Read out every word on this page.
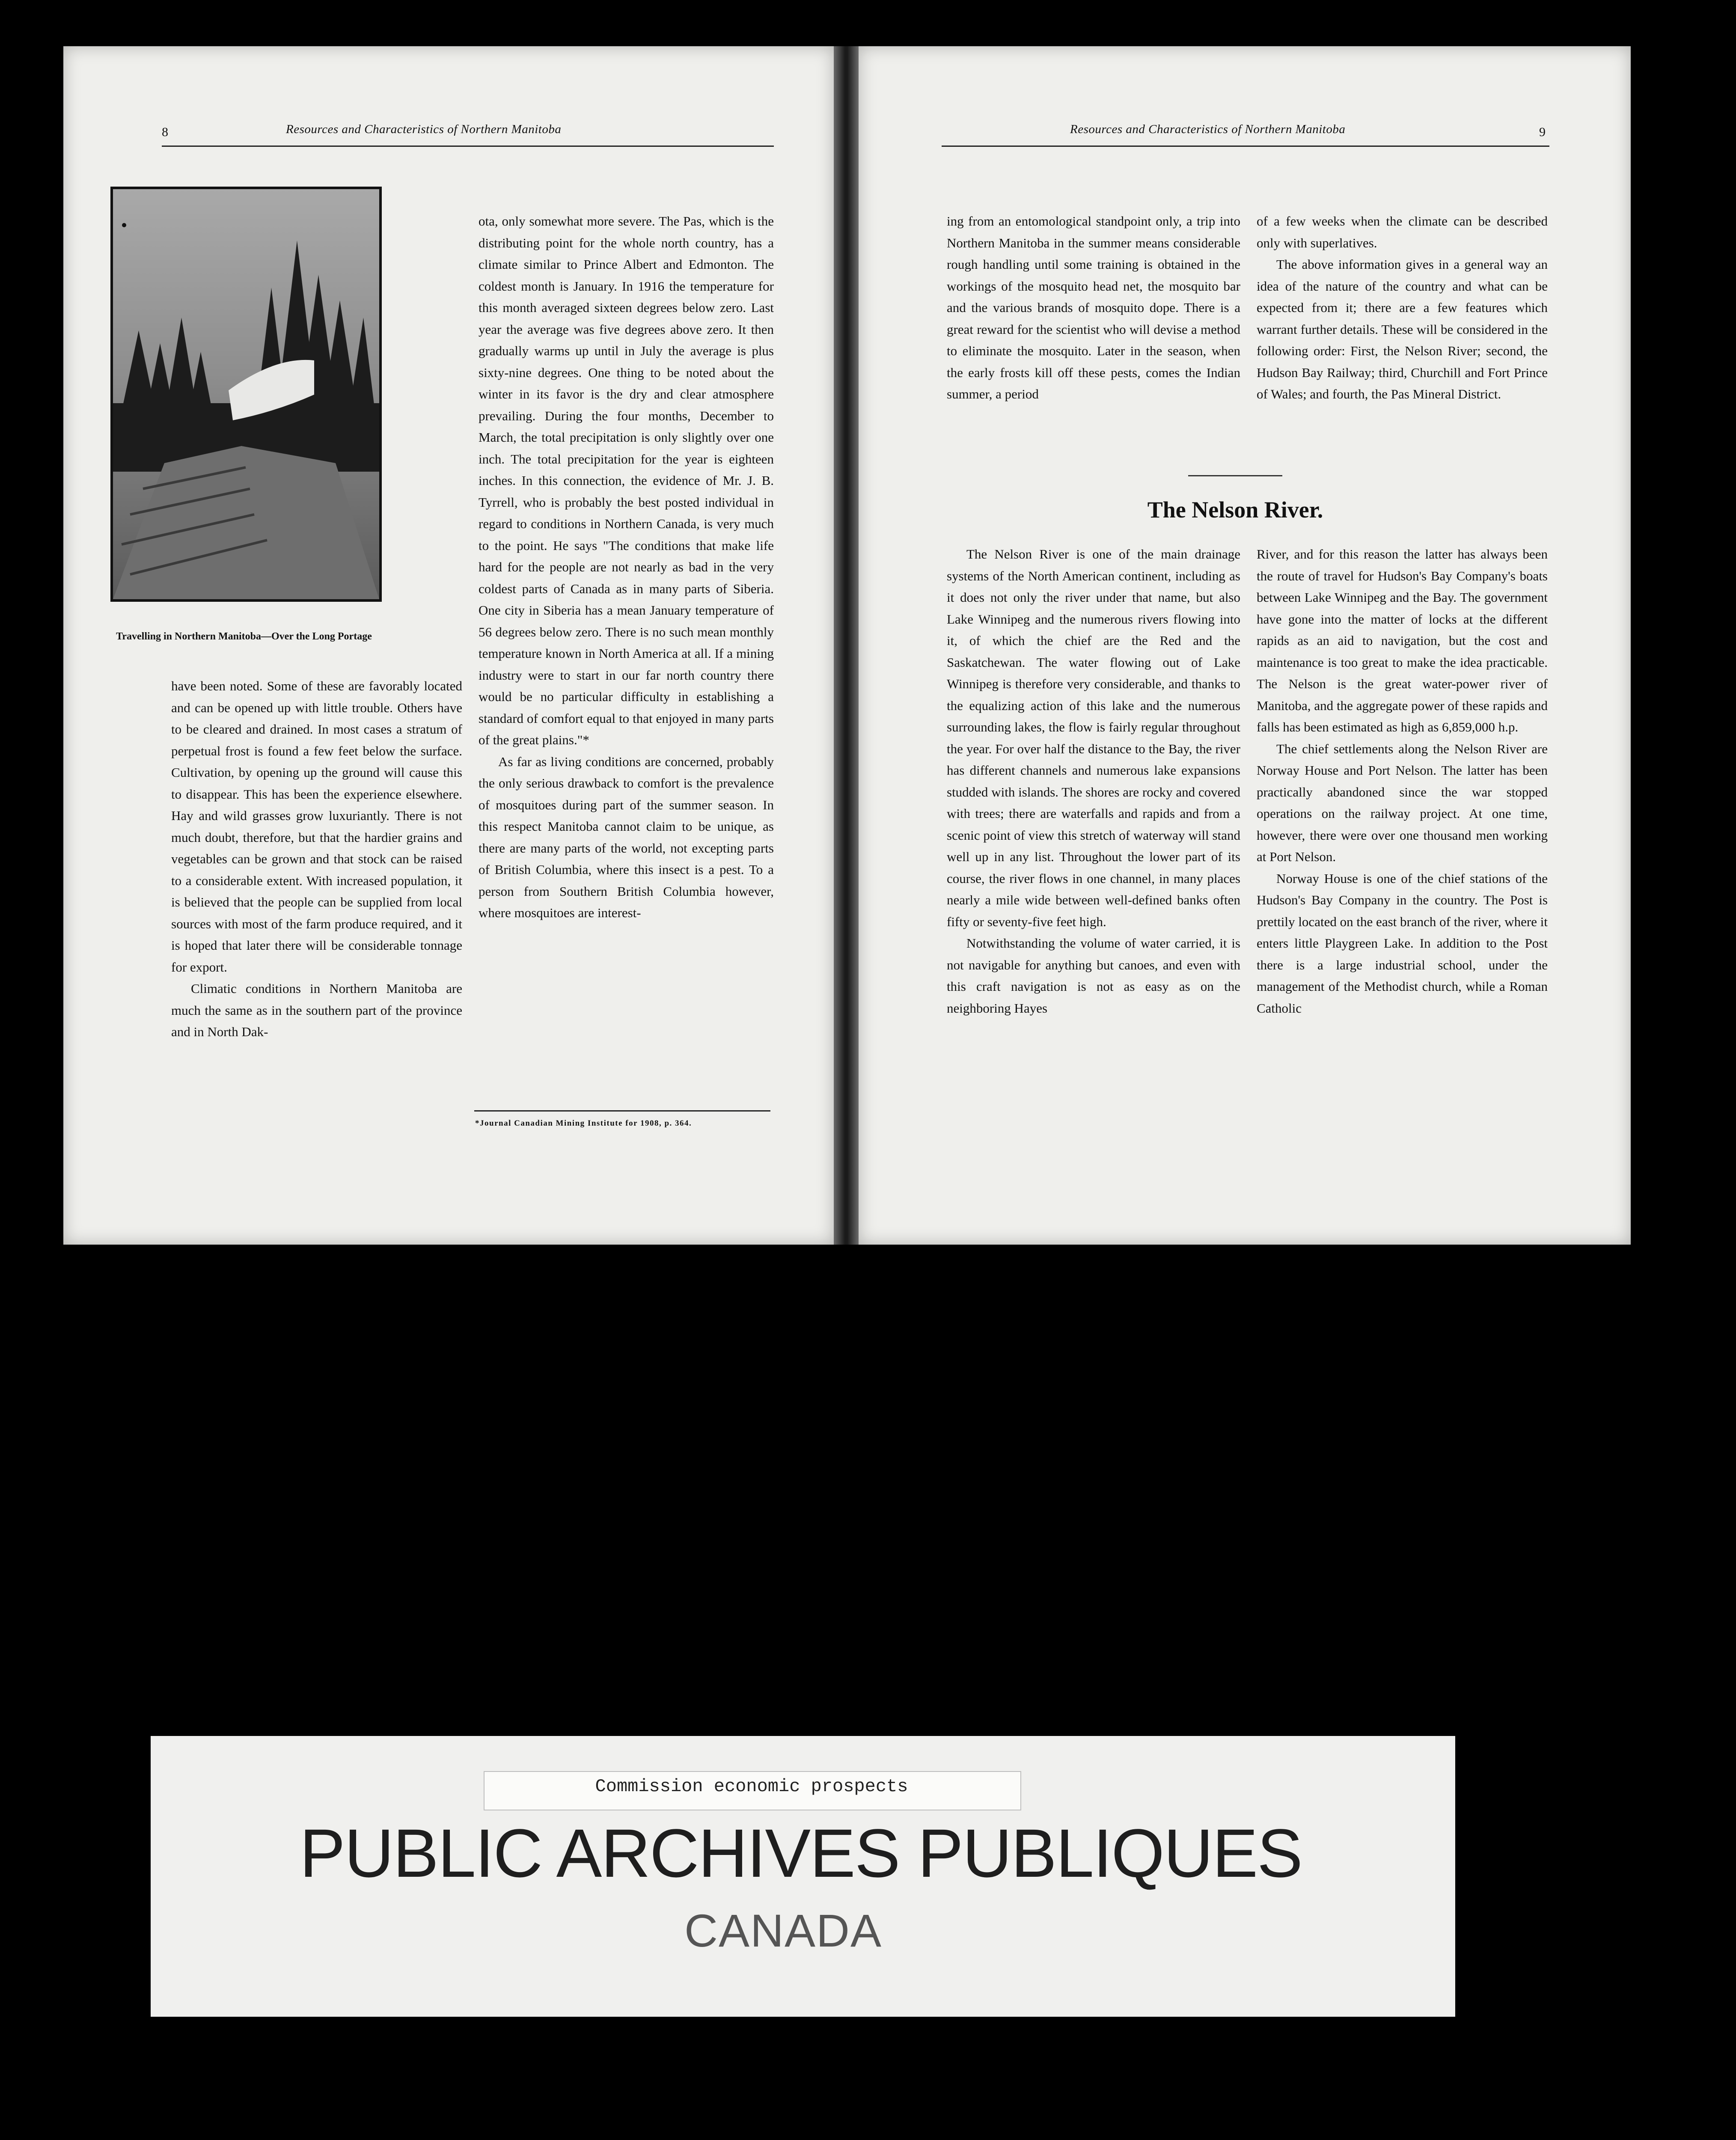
8	Resources and Characteristics of Northern Manitoba
Travelling in Northern Manitoba—Over the Long Portage

have been noted. Some of these are favorably located and can be opened up with little trouble. Others have to be cleared and drained. In most cases a stratum of perpetual frost is found a few feet below the surface. Cultivation, by opening up the ground will cause this to disappear. This has been the experience elsewhere. Hay and wild grasses grow luxuriantly. There is not much doubt, therefore, but that the hardier grains and vegetables can be grown and that stock can be raised to a considerable extent. With increased population, it is believed that the people can be supplied from local sources with most of the farm produce required, and it is hoped that later there will be considerable tonnage for export.

Climatic conditions in Northern Manitoba are much the same as in the southern part of the province and in North Dak-

ota, only somewhat more severe. The Pas, which is the distributing point for the whole north country, has a climate similar to Prince Albert and Edmonton. The coldest month is January. In 1916 the temperature for this month averaged sixteen degrees below zero. Last year the average was five degrees above zero. It then gradually warms up until in July the average is plus sixty-nine degrees. One thing to be noted about the winter in its favor is the dry and clear atmosphere prevailing. During the four months, December to March, the total precipitation is only slightly over one inch. The total precipitation for the year is eighteen inches. In this connection, the evidence of Mr. J. B. Tyrrell, who is probably the best posted individual in regard to conditions in Northern Canada, is very much to the point. He says "The conditions that make life hard for the people are not nearly as bad in the very coldest parts of Canada as in many parts of Siberia. One city in Siberia has a mean January temperature of 56 degrees below zero. There is no such mean monthly temperature known in North America at all. If a mining industry were to start in our far north country there would be no particular difficulty in establishing a standard of comfort equal to that enjoyed in many parts of the great plains."*

As far as living conditions are concerned, probably the only serious drawback to comfort is the prevalence of mosquitoes during part of the summer season. In this respect Manitoba cannot claim to be unique, as there are many parts of the world, not excepting parts of British Columbia, where this insect is a pest. To a person from Southern British Columbia however, where mosquitoes are interest-

*Journal Canadian Mining Institute for 1908, p. 364.
Resources and Characteristics of Northern Manitoba	9

ing from an entomological standpoint only, a trip into Northern Manitoba in the summer means considerable rough handling until some training is obtained in the workings of the mosquito head net, the mosquito bar and the various brands of mosquito dope. There is a great reward for the scientist who will devise a method to eliminate the mosquito. Later in the season, when the early frosts kill off these pests, comes the Indian summer, a period

of a few weeks when the climate can be described only with superlatives.

The above information gives in a general way an idea of the nature of the country and what can be expected from it; there are a few features which warrant further details. These will be considered in the following order: First, the Nelson River; second, the Hudson Bay Railway; third, Churchill and Fort Prince of Wales; and fourth, the Pas Mineral District.

The Nelson River.

The Nelson River is one of the main drainage systems of the North American continent, including as it does not only the river under that name, but also Lake Winnipeg and the numerous rivers flowing into it, of which the chief are the Red and the Saskatchewan. The water flowing out of Lake Winnipeg is therefore very considerable, and thanks to the equalizing action of this lake and the numerous surrounding lakes, the flow is fairly regular throughout the year. For over half the distance to the Bay, the river has different channels and numerous lake expansions studded with islands. The shores are rocky and covered with trees; there are waterfalls and rapids and from a scenic point of view this stretch of waterway will stand well up in any list. Throughout the lower part of its course, the river flows in one channel, in many places nearly a mile wide between well-defined banks often fifty or seventy-five feet high.

Notwithstanding the volume of water carried, it is not navigable for anything but canoes, and even with this craft navigation is not as easy as on the neighboring Hayes

River, and for this reason the latter has always been the route of travel for Hudson's Bay Company's boats between Lake Winnipeg and the Bay. The government have gone into the matter of locks at the different rapids as an aid to navigation, but the cost and maintenance is too great to make the idea practicable. The Nelson is the great water-power river of Manitoba, and the aggregate power of these rapids and falls has been estimated as high as 6,859,000 h.p.

The chief settlements along the Nelson River are Norway House and Port Nelson. The latter has been practically abandoned since the war stopped operations on the railway project. At one time, however, there were over one thousand men working at Port Nelson.

Norway House is one of the chief stations of the Hudson's Bay Company in the country. The Post is prettily located on the east branch of the river, where it enters little Playgreen Lake. In addition to the Post there is a large industrial school, under the management of the Methodist church, while a Roman Catholic

Commission economic prospects
PUBLIC ARCHIVES PUBLIQUES
CANADA
